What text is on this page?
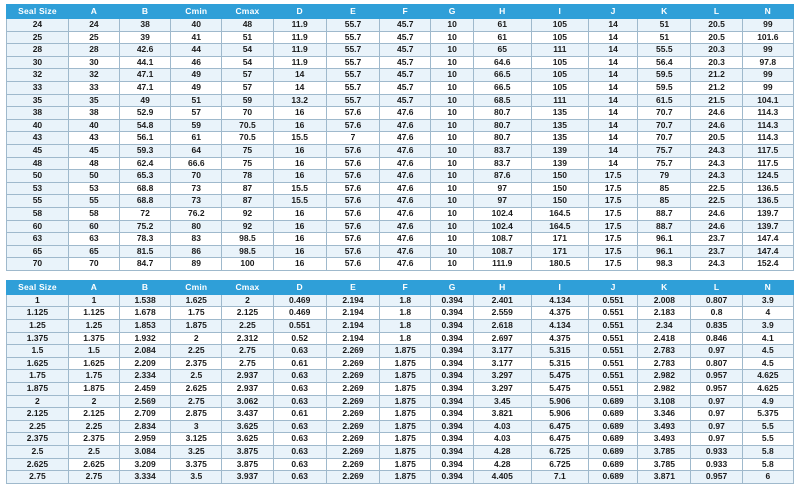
Seal Size	A	B	Cmin	Cmax	D	E	F	G	H	I	J	K	L	N
24	24	38	40	48	11.9	55.7	45.7	10	61	105	14	51	20.5	99
25	25	39	41	51	11.9	55.7	45.7	10	61	105	14	51	20.5	101.6
28	28	42.6	44	54	11.9	55.7	45.7	10	65	111	14	55.5	20.3	99
30	30	44.1	46	54	11.9	55.7	45.7	10	64.6	105	14	56.4	20.3	97.8
32	32	47.1	49	57	14	55.7	45.7	10	66.5	105	14	59.5	21.2	99
33	33	47.1	49	57	14	55.7	45.7	10	66.5	105	14	59.5	21.2	99
35	35	49	51	59	13.2	55.7	45.7	10	68.5	111	14	61.5	21.5	104.1
38	38	52.9	57	70	16	57.6	47.6	10	80.7	135	14	70.7	24.6	114.3
40	40	54.8	59	70.5	16	57.6	47.6	10	80.7	135	14	70.7	24.6	114.3
43	43	56.1	61	70.5	15.5	7	47.6	10	80.7	135	14	70.7	20.5	114.3
45	45	59.3	64	75	16	57.6	47.6	10	83.7	139	14	75.7	24.3	117.5
48	48	62.4	66.6	75	16	57.6	47.6	10	83.7	139	14	75.7	24.3	117.5
50	50	65.3	70	78	16	57.6	47.6	10	87.6	150	17.5	79	24.3	124.5
53	53	68.8	73	87	15.5	57.6	47.6	10	97	150	17.5	85	22.5	136.5
55	55	68.8	73	87	15.5	57.6	47.6	10	97	150	17.5	85	22.5	136.5
58	58	72	76.2	92	16	57.6	47.6	10	102.4	164.5	17.5	88.7	24.6	139.7
60	60	75.2	80	92	16	57.6	47.6	10	102.4	164.5	17.5	88.7	24.6	139.7
63	63	78.3	83	98.5	16	57.6	47.6	10	108.7	171	17.5	96.1	23.7	147.4
65	65	81.5	86	98.5	16	57.6	47.6	10	108.7	171	17.5	96.1	23.7	147.4
70	70	84.7	89	100	16	57.6	47.6	10	111.9	180.5	17.5	98.3	24.3	152.4
Seal Size	A	B	Cmin	Cmax	D	E	F	G	H	I	J	K	L	N
1	1	1.538	1.625	2	0.469	2.194	1.8	0.394	2.401	4.134	0.551	2.008	0.807	3.9
1.125	1.125	1.678	1.75	2.125	0.469	2.194	1.8	0.394	2.559	4.375	0.551	2.183	0.8	4
1.25	1.25	1.853	1.875	2.25	0.551	2.194	1.8	0.394	2.618	4.134	0.551	2.34	0.835	3.9
1.375	1.375	1.932	2	2.312	0.52	2.194	1.8	0.394	2.697	4.375	0.551	2.418	0.846	4.1
1.5	1.5	2.084	2.25	2.75	0.63	2.269	1.875	0.394	3.177	5.315	0.551	2.783	0.97	4.5
1.625	1.625	2.209	2.375	2.75	0.61	2.269	1.875	0.394	3.177	5.315	0.551	2.783	0.807	4.5
1.75	1.75	2.334	2.5	2.937	0.63	2.269	1.875	0.394	3.297	5.475	0.551	2.982	0.957	4.625
1.875	1.875	2.459	2.625	2.937	0.63	2.269	1.875	0.394	3.297	5.475	0.551	2.982	0.957	4.625
2	2	2.569	2.75	3.062	0.63	2.269	1.875	0.394	3.45	5.906	0.689	3.108	0.97	4.9
2.125	2.125	2.709	2.875	3.437	0.61	2.269	1.875	0.394	3.821	5.906	0.689	3.346	0.97	5.375
2.25	2.25	2.834	3	3.625	0.63	2.269	1.875	0.394	4.03	6.475	0.689	3.493	0.97	5.5
2.375	2.375	2.959	3.125	3.625	0.63	2.269	1.875	0.394	4.03	6.475	0.689	3.493	0.97	5.5
2.5	2.5	3.084	3.25	3.875	0.63	2.269	1.875	0.394	4.28	6.725	0.689	3.785	0.933	5.8
2.625	2.625	3.209	3.375	3.875	0.63	2.269	1.875	0.394	4.28	6.725	0.689	3.785	0.933	5.8
2.75	2.75	3.334	3.5	3.937	0.63	2.269	1.875	0.394	4.405	7.1	0.689	3.871	0.957	6
